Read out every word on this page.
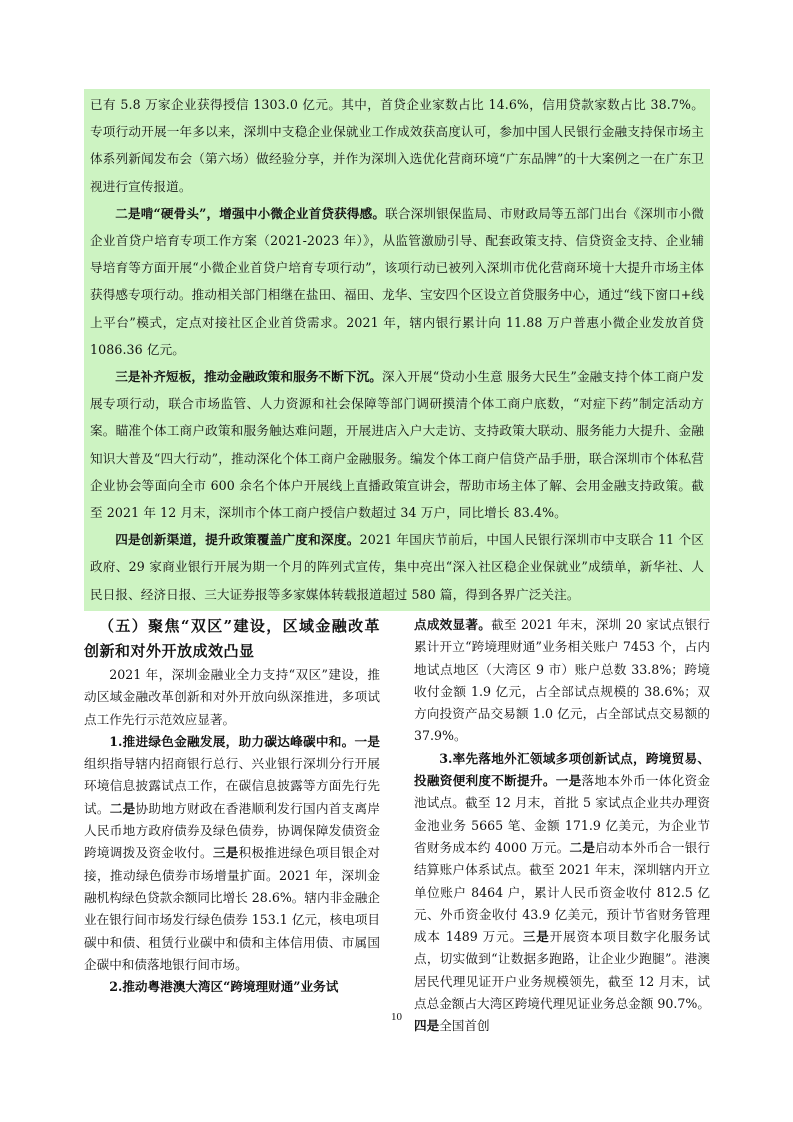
已有 5.8 万家企业获得授信 1303.0 亿元。其中，首贷企业家数占比 14.6%，信用贷款家数占比 38.7%。专项行动开展一年多以来，深圳中支稳企业保就业工作成效获高度认可，参加中国人民银行金融支持保市场主体系列新闻发布会（第六场）做经验分享，并作为深圳入选优化营商环境“广东品牌”的十大案例之一在广东卫视进行宣传报道。

二是啃“硬骨头”，增强中小微企业首贷获得感。联合深圳银保监局、市财政局等五部门出台《深圳市小微企业首贷户培育专项工作方案（2021-2023 年）》，从监管激励引导、配套政策支持、信贷资金支持、企业辅导培育等方面开展“小微企业首贷户培育专项行动”，该项行动已被列入深圳市优化营商环境十大提升市场主体获得感专项行动。推动相关部门相继在盐田、福田、龙华、宝安四个区设立首贷服务中心，通过“线下窗口+线上平台”模式，定点对接社区企业首贷需求。2021 年，辖内银行累计向 11.88 万户普惠小微企业发放首贷 1086.36 亿元。

三是补齐短板，推动金融政策和服务不断下沉。深入开展“贷动小生意 服务大民生”金融支持个体工商户发展专项行动，联合市场监管、人力资源和社会保障等部门调研摸清个体工商户底数，“对症下药”制定活动方案。瞄准个体工商户政策和服务触达难问题，开展进店入户大走访、支持政策大联动、服务能力大提升、金融知识大普及“四大行动”，推动深化个体工商户金融服务。编发个体工商户信贷产品手册，联合深圳市个体私营企业协会等面向全市 600 余名个体户开展线上直播政策宣讲会，帮助市场主体了解、会用金融支持政策。截至 2021 年 12 月末，深圳市个体工商户授信户数超过 34 万户，同比增长 83.4%。

四是创新渠道，提升政策覆盖广度和深度。2021 年国庆节前后，中国人民银行深圳市中支联合 11 个区政府、29 家商业银行开展为期一个月的阵列式宣传，集中亮出“深入社区稳企业保就业”成绩单，新华社、人民日报、经济日报、三大证券报等多家媒体转载报道超过 580 篇，得到各界广泛关注。

（五）聚焦“双区”建设，区域金融改革创新和对外开放成效凸显

2021 年，深圳金融业全力支持“双区”建设，推动区域金融改革创新和对外开放向纵深推进，多项试点工作先行示范效应显著。

1.推进绿色金融发展，助力碳达峰碳中和。一是组织指导辖内招商银行总行、兴业银行深圳分行开展环境信息披露试点工作，在碳信息披露等方面先行先试。二是协助地方财政在香港顺利发行国内首支离岸人民币地方政府债券及绿色债券，协调保障发债资金跨境调拨及资金收付。三是积极推进绿色项目银企对接，推动绿色债券市场增量扩面。2021 年，深圳金融机构绿色贷款余额同比增长 28.6%。辖内非金融企业在银行间市场发行绿色债券 153.1 亿元，核电项目碳中和债、租赁行业碳中和债和主体信用债、市属国企碳中和债落地银行间市场。

2.推动粤港澳大湾区“跨境理财通”业务试

点成效显著。截至 2021 年末，深圳 20 家试点银行累计开立“跨境理财通”业务相关账户 7453 个，占内地试点地区（大湾区 9 市）账户总数 33.8%；跨境收付金额 1.9 亿元，占全部试点规模的 38.6%；双方向投资产品交易额 1.0 亿元，占全部试点交易额的 37.9%。

3.率先落地外汇领域多项创新试点，跨境贸易、投融资便利度不断提升。一是落地本外币一体化资金池试点。截至 12 月末，首批 5 家试点企业共办理资金池业务 5665 笔、金额 171.9 亿美元，为企业节省财务成本约 4000 万元。二是启动本外币合一银行结算账户体系试点。截至 2021 年末，深圳辖内开立单位账户 8464 户，累计人民币资金收付 812.5 亿元、外币资金收付 43.9 亿美元，预计节省财务管理成本 1489 万元。三是开展资本项目数字化服务试点，切实做到“让数据多跑路，让企业少跑腿”。港澳居民代理见证开户业务规模领先，截至 12 月末，试点总金额占大湾区跨境代理见证业务总金额 90.7%。四是全国首创

10
